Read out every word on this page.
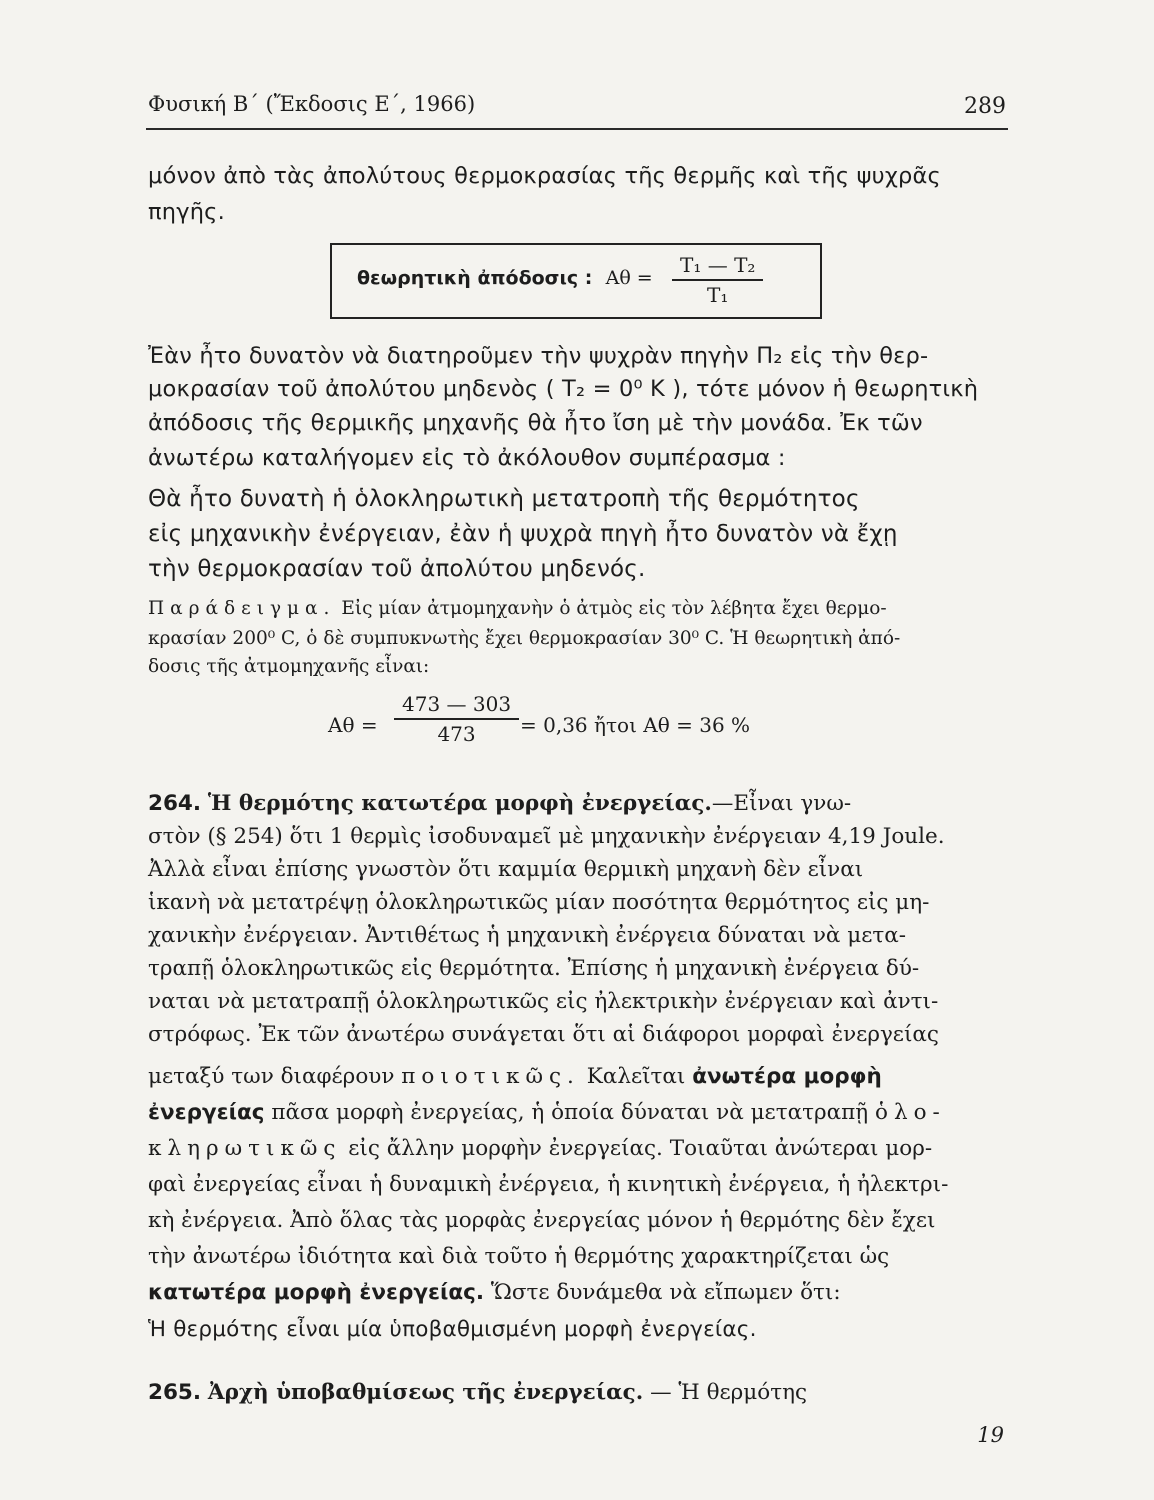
Φυσική Β΄ (Ἔκδοσις Ε΄, 1966)	289
μόνον ἀπὸ τὰς ἀπολύτους θερμοκρασίας τῆς θερμῆς καὶ τῆς ψυχρᾶς
πηγῆς.
θεωρητικὴ ἀπόδοσις : Aθ =
T₁ — T₂
T₁
Ἐὰν ἦτο δυνατὸν νὰ διατηροῦμεν τὴν ψυχρὰν πηγὴν Π₂ εἰς τὴν θερ-
μοκρασίαν τοῦ ἀπολύτου μηδενὸς ( T₂ = 0⁰ K ), τότε μόνον ἡ θεωρητικὴ
ἀπόδοσις τῆς θερμικῆς μηχανῆς θὰ ἦτο ἴση μὲ τὴν μονάδα. Ἐκ τῶν
ἀνωτέρω καταλήγομεν εἰς τὸ ἀκόλουθον συμπέρασμα :
Θὰ ἦτο δυνατὴ ἡ ὁλοκληρωτικὴ μετατροπὴ τῆς θερμότητος
εἰς μηχανικὴν ἐνέργειαν, ἐὰν ἡ ψυχρὰ πηγὴ ἦτο δυνατὸν νὰ ἔχῃ
τὴν θερμοκρασίαν τοῦ ἀπολύτου μηδενός.
Παράδειγμα. Εἰς μίαν ἀτμομηχανὴν ὁ ἀτμὸς εἰς τὸν λέβητα ἔχει θερμο-
κρασίαν 200⁰ C, ὁ δὲ συμπυκνωτὴς ἔχει θερμοκρασίαν 30⁰ C. Ἡ θεωρητικὴ ἀπό-
δοσις τῆς ἀτμομηχανῆς εἶναι:
Aθ =
473 — 303
473	= 0,36 ἤτοι Aθ = 36 %
264. Ἡ θερμότης κατωτέρα μορφὴ ἐνεργείας.—Εἶναι γνω-
στὸν (§ 254) ὅτι 1 θερμὶς ἰσοδυναμεῖ μὲ μηχανικὴν ἐνέργειαν 4,19 Joule.
Ἀλλὰ εἶναι ἐπίσης γνωστὸν ὅτι καμμία θερμικὴ μηχανὴ δὲν εἶναι
ἱκανὴ νὰ μετατρέψῃ ὁλοκληρωτικῶς μίαν ποσότητα θερμότητος εἰς μη-
χανικὴν ἐνέργειαν. Ἀντιθέτως ἡ μηχανικὴ ἐνέργεια δύναται νὰ μετα-
τραπῇ ὁλοκληρωτικῶς εἰς θερμότητα. Ἐπίσης ἡ μηχανικὴ ἐνέργεια δύ-
ναται νὰ μετατραπῇ ὁλοκληρωτικῶς εἰς ἠλεκτρικὴν ἐνέργειαν καὶ ἀντι-
στρόφως. Ἐκ τῶν ἀνωτέρω συνάγεται ὅτι αἱ διάφοροι μορφαὶ ἐνεργείας
μεταξύ των διαφέρουν ποιοτικῶς. Καλεῖται ἀνωτέρα μορφὴ
ἐνεργείας πᾶσα μορφὴ ἐνεργείας, ἡ ὁποία δύναται νὰ μετατραπῇ ὁλο-
κληρωτικῶς εἰς ἄλλην μορφὴν ἐνεργείας. Τοιαῦται ἀνώτεραι μορ-
φαὶ ἐνεργείας εἶναι ἡ δυναμικὴ ἐνέργεια, ἡ κινητικὴ ἐνέργεια, ἡ ἠλεκτρι-
κὴ ἐνέργεια. Ἀπὸ ὅλας τὰς μορφὰς ἐνεργείας μόνον ἡ θερμότης δὲν ἔχει
τὴν ἀνωτέρω ἰδιότητα καὶ διὰ τοῦτο ἡ θερμότης χαρακτηρίζεται ὡς
κατωτέρα μορφὴ ἐνεργείας. Ὥστε δυνάμεθα νὰ εἴπωμεν ὅτι:
Ἡ θερμότης εἶναι μία ὑποβαθμισμένη μορφὴ ἐνεργείας.
265. Ἀρχὴ ὑποβαθμίσεως τῆς ἐνεργείας. — Ἡ θερμότης
19
